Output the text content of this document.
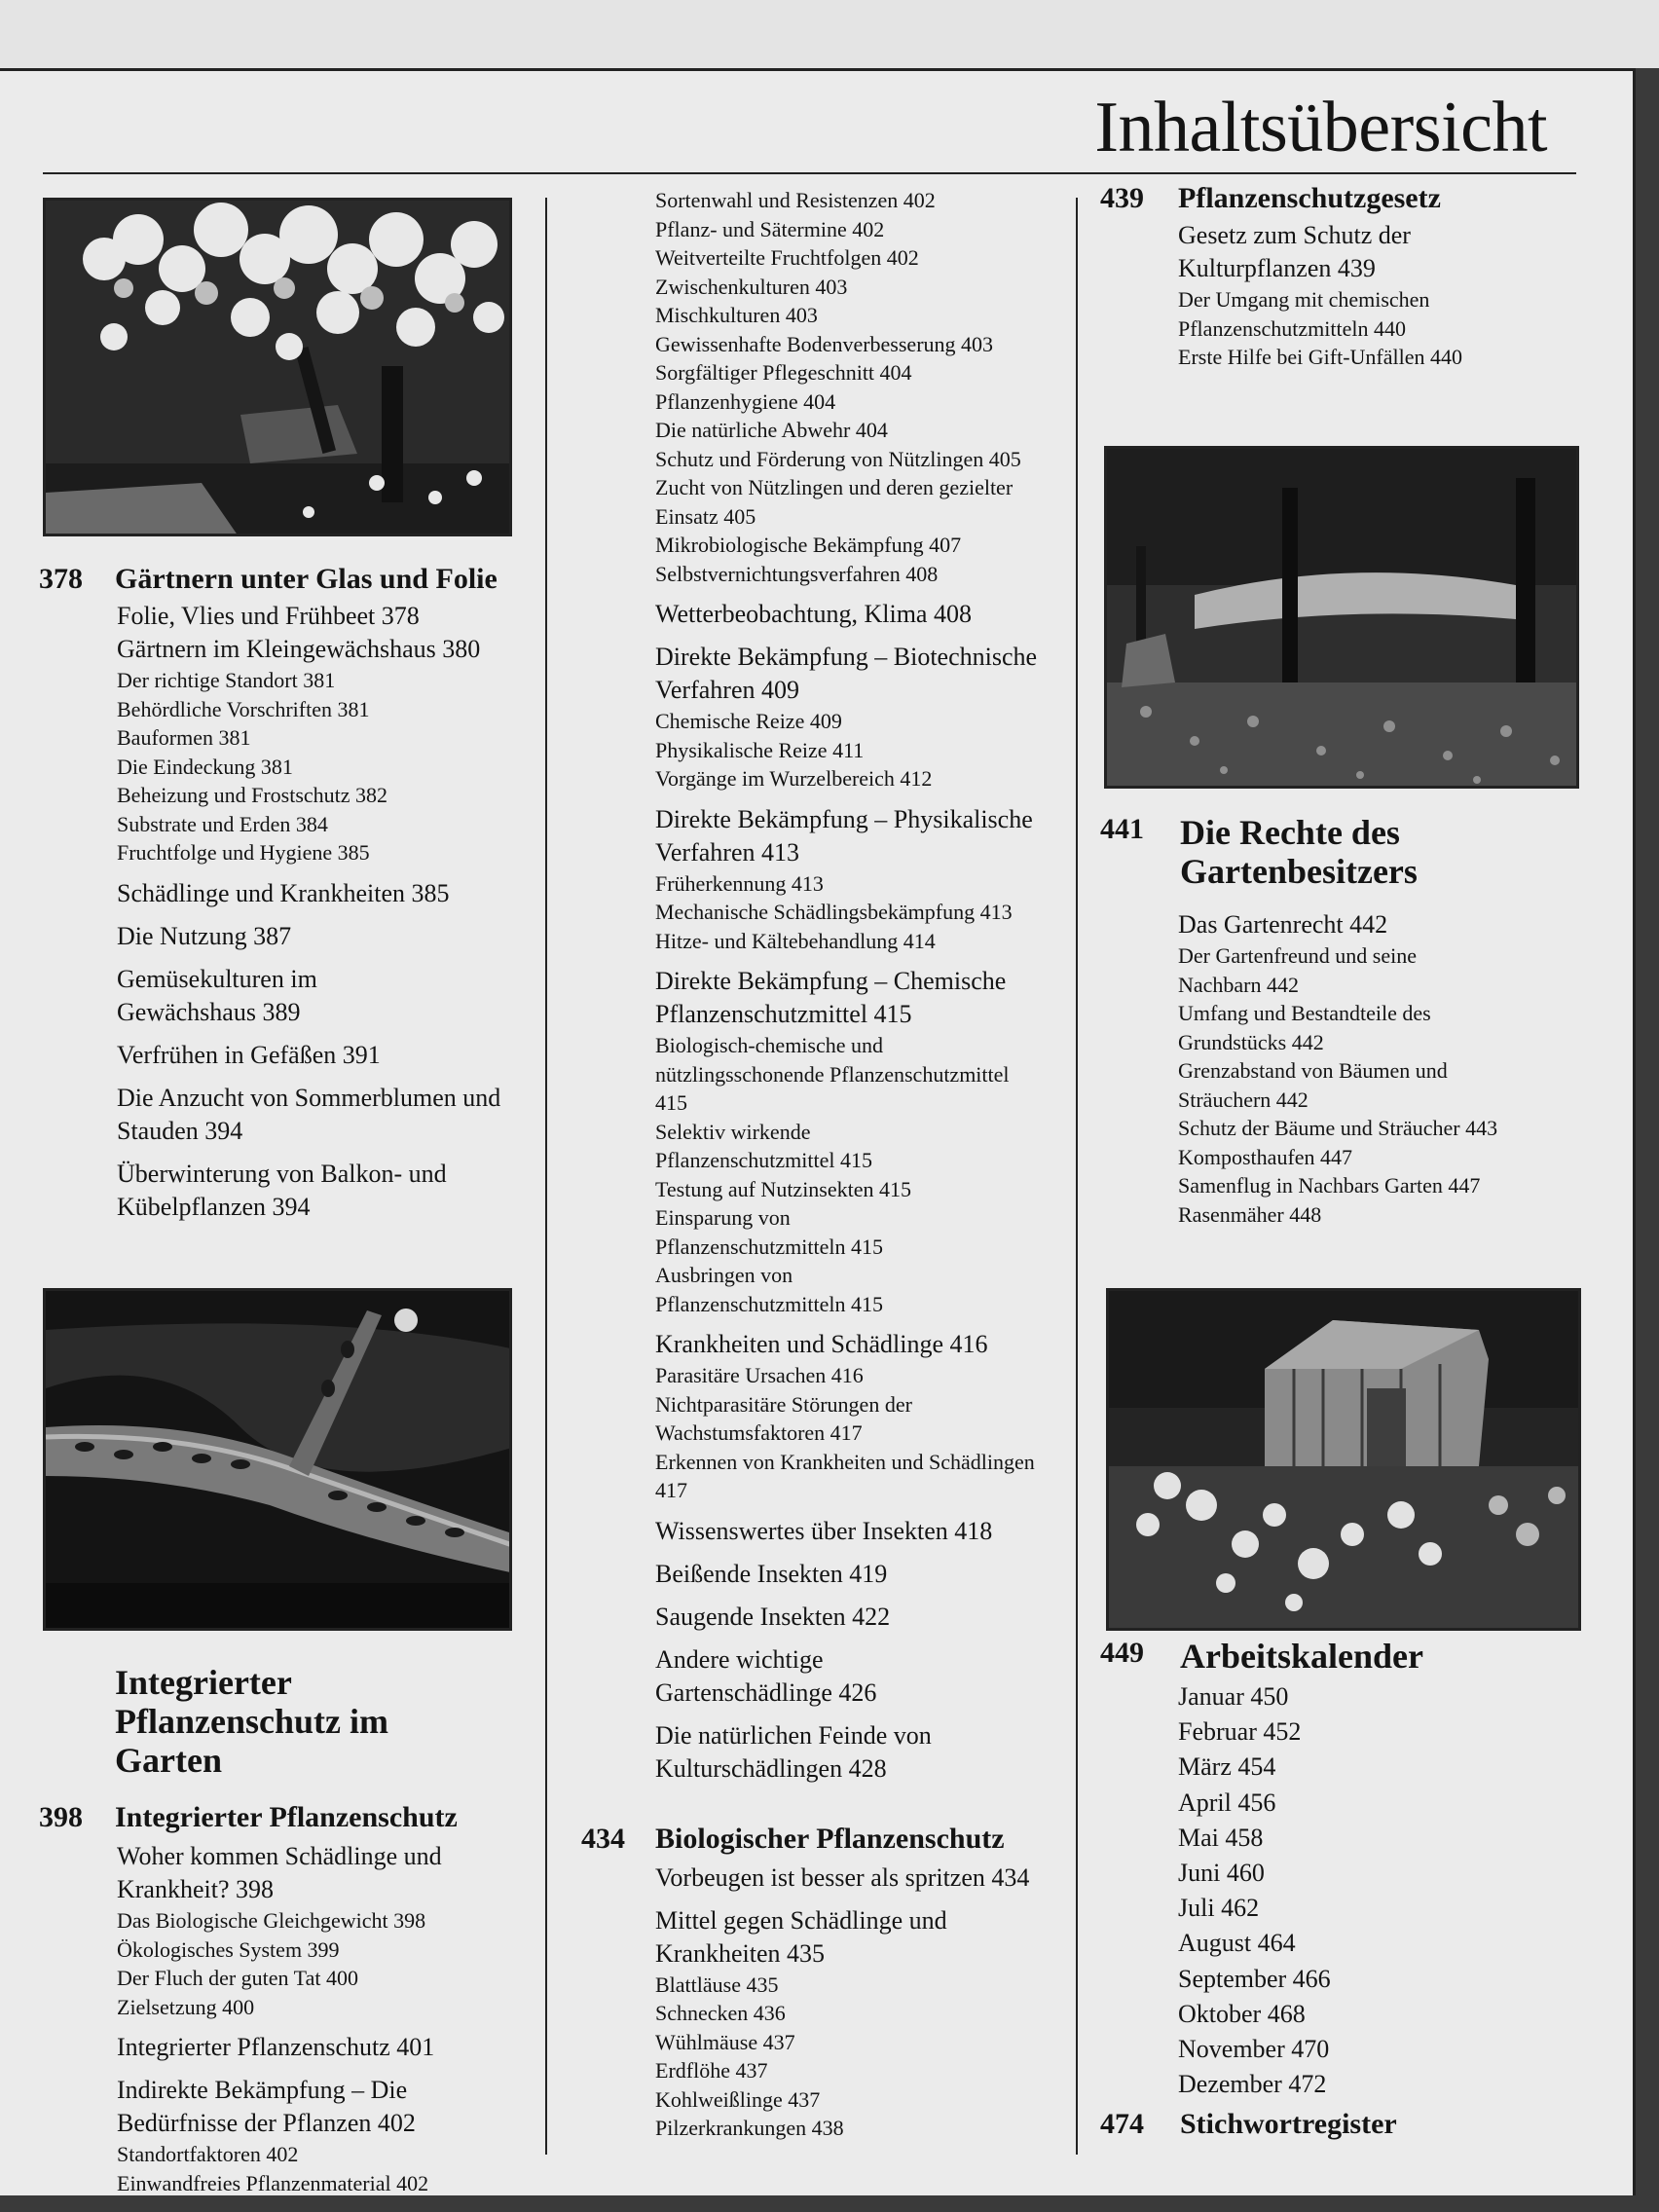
Inhaltsübersicht
378	Gärtnern unter Glas und Folie
Folie, Vlies und Frühbeet 378
Gärtnern im Kleingewächshaus 380
Der richtige Standort 381
Behördliche Vorschriften 381
Bauformen 381
Die Eindeckung 381
Beheizung und Frostschutz 382
Substrate und Erden 384
Fruchtfolge und Hygiene 385
Schädlinge und Krankheiten 385
Die Nutzung 387
Gemüsekulturen im Gewächshaus 389
Verfrühen in Gefäßen 391
Die Anzucht von Sommerblumen und Stauden 394
Überwinterung von Balkon- und Kübelpflanzen 394
Integrierter Pflanzenschutz im Garten
398	Integrierter Pflanzenschutz
Woher kommen Schädlinge und Krankheit? 398
Das Biologische Gleichgewicht 398
Ökologisches System 399
Der Fluch der guten Tat 400
Zielsetzung 400
Integrierter Pflanzenschutz 401
Indirekte Bekämpfung – Die Bedürfnisse der Pflanzen 402
Standortfaktoren 402
Einwandfreies Pflanzenmaterial 402
Sortenwahl und Resistenzen 402
Pflanz- und Sätermine 402
Weitverteilte Fruchtfolgen 402
Zwischenkulturen 403
Mischkulturen 403
Gewissenhafte Bodenverbesserung 403
Sorgfältiger Pflegeschnitt 404
Pflanzenhygiene 404
Die natürliche Abwehr 404
Schutz und Förderung von Nützlingen 405
Zucht von Nützlingen und deren gezielter Einsatz 405
Mikrobiologische Bekämpfung 407
Selbstvernichtungsverfahren 408
Wetterbeobachtung, Klima 408
Direkte Bekämpfung – Biotechnische Verfahren 409
Chemische Reize 409
Physikalische Reize 411
Vorgänge im Wurzelbereich 412
Direkte Bekämpfung – Physikalische Verfahren 413
Früherkennung 413
Mechanische Schädlingsbekämpfung 413
Hitze- und Kältebehandlung 414
Direkte Bekämpfung – Chemische Pflanzenschutzmittel 415
Biologisch-chemische und nützlingsschonende Pflanzenschutzmittel 415
Selektiv wirkende Pflanzenschutzmittel 415
Testung auf Nutzinsekten 415
Einsparung von Pflanzenschutzmitteln 415
Ausbringen von Pflanzenschutzmitteln 415
Krankheiten und Schädlinge 416
Parasitäre Ursachen 416
Nichtparasitäre Störungen der Wachstumsfaktoren 417
Erkennen von Krankheiten und Schädlingen 417
Wissenswertes über Insekten 418
Beißende Insekten 419
Saugende Insekten 422
Andere wichtige Gartenschädlinge 426
Die natürlichen Feinde von Kulturschädlingen 428
434	Biologischer Pflanzenschutz
Vorbeugen ist besser als spritzen 434
Mittel gegen Schädlinge und Krankheiten 435
Blattläuse 435
Schnecken 436
Wühlmäuse 437
Erdflöhe 437
Kohlweißlinge 437
Pilzerkrankungen 438
439	Pflanzenschutzgesetz
Gesetz zum Schutz der Kulturpflanzen 439
Der Umgang mit chemischen Pflanzenschutzmitteln 440
Erste Hilfe bei Gift-Unfällen 440
441	Die Rechte des Gartenbesitzers
Das Gartenrecht 442
Der Gartenfreund und seine Nachbarn 442
Umfang und Bestandteile des Grundstücks 442
Grenzabstand von Bäumen und Sträuchern 442
Schutz der Bäume und Sträucher 443
Komposthaufen 447
Samenflug in Nachbars Garten 447
Rasenmäher 448
449	Arbeitskalender
Januar 450
Februar 452
März 454
April 456
Mai 458
Juni 460
Juli 462
August 464
September 466
Oktober 468
November 470
Dezember 472
474	Stichwortregister
